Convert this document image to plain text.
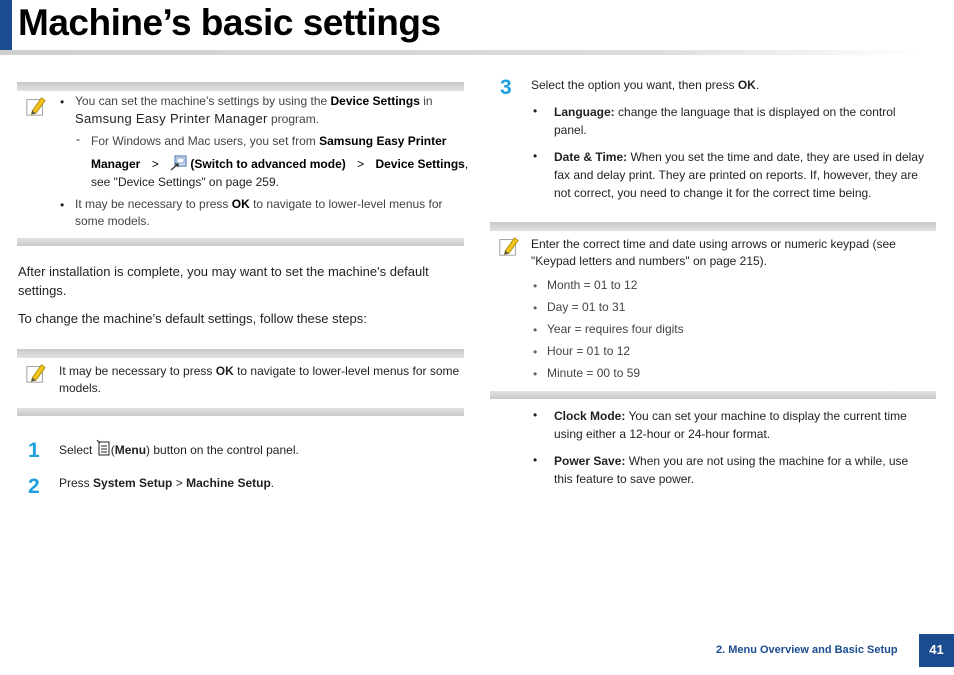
Machine’s basic settings
• You can set the machine’s settings by using the Device Settings in
Samsung Easy Printer Manager program.
- For Windows and Mac users, you set from Samsung Easy Printer
Manager >	(Switch to advanced mode) > Device Settings,
see "Device Settings" on page 259.
• It may be necessary to press OK to navigate to lower-level menus for
some models.
After installation is complete, you may want to set the machine's default
settings.
To change the machine’s default settings, follow these steps:
It may be necessary to press OK to navigate to lower-level menus for some
models.
1 Select (Menu) button on the control panel.
2 Press System Setup > Machine Setup.
3 Select the option you want, then press OK.
• Language: change the language that is displayed on the control
panel.
• Date & Time: When you set the time and date, they are used in delay
fax and delay print. They are printed on reports. If, however, they are
not correct, you need to change it for the correct time being.
Enter the correct time and date using arrows or numeric keypad (see
"Keypad letters and numbers" on page 215).
• Month = 01 to 12
• Day = 01 to 31
• Year = requires four digits
• Hour = 01 to 12
• Minute = 00 to 59
• Clock Mode: You can set your machine to display the current time
using either a 12-hour or 24-hour format.
• Power Save: When you are not using the machine for a while, use
this feature to save power.
2. Menu Overview and Basic Setup	41
